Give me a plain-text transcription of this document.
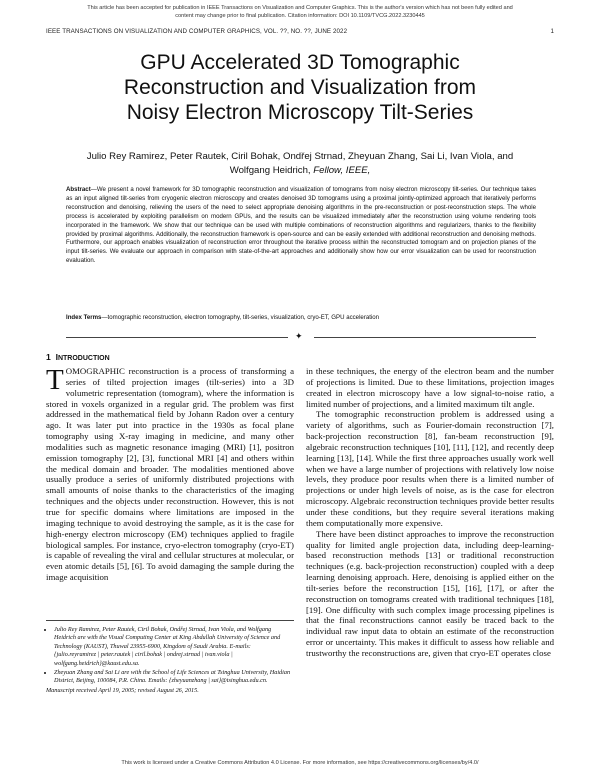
This article has been accepted for publication in IEEE Transactions on Visualization and Computer Graphics. This is the author's version which has not been fully edited and
content may change prior to final publication. Citation information: DOI 10.1109/TVCG.2022.3230445
IEEE TRANSACTIONS ON VISUALIZATION AND COMPUTER GRAPHICS, VOL. ??, NO. ??, JUNE 2022	1
GPU Accelerated 3D Tomographic
Reconstruction and Visualization from
Noisy Electron Microscopy Tilt-Series
Julio Rey Ramirez, Peter Rautek, Ciril Bohak, Ondřej Strnad, Zheyuan Zhang, Sai Li, Ivan Viola, and
Wolfgang Heidrich, Fellow, IEEE,
Abstract—We present a novel framework for 3D tomographic reconstruction and visualization of tomograms from noisy electron microscopy tilt-series. Our technique takes as an input aligned tilt-series from cryogenic electron microscopy and creates denoised 3D tomograms using a proximal jointly-optimized approach that iteratively performs reconstruction and denoising, relieving the users of the need to select appropriate denoising algorithms in the pre-reconstruction or post-reconstruction steps. The whole process is accelerated by exploiting parallelism on modern GPUs, and the results can be visualized immediately after the reconstruction using volume rendering tools incorporated in the framework. We show that our technique can be used with multiple combinations of reconstruction algorithms and regularizers, thanks to the flexibility provided by proximal algorithms. Additionally, the reconstruction framework is open-source and can be easily extended with additional reconstruction and denoising methods. Furthermore, our approach enables visualization of reconstruction error throughout the iterative process within the reconstructed tomogram and on projection planes of the input tilt-series. We evaluate our approach in comparison with state-of-the-art approaches and additionally show how our error visualization can be used for reconstruction evaluation.
Index Terms—tomographic reconstruction, electron tomography, tilt-series, visualization, cryo-ET, GPU acceleration
✦
1 INTRODUCTION

TOMOGRAPHIC reconstruction is a process of transforming a series of tilted projection images (tilt-series) into a 3D volumetric representation (tomogram), where the information is stored in voxels organized in a regular grid. The problem was first addressed in the mathematical field by Johann Radon over a century ago. It was later put into practice in the 1930s as focal plane tomography using X-ray imaging in medicine, and many other modalities such as magnetic resonance imaging (MRI) [1], positron emission tomography [2], [3], functional MRI [4] and others within the medical domain and broader. The modalities mentioned above usually produce a series of uniformly distributed projections with small amounts of noise thanks to the characteristics of the imaging techniques and the objects under reconstruction. However, this is not true for specific domains where limitations are imposed in the imaging technique to avoid destroying the sample, as it is the case for high-energy electron microscopy (EM) techniques applied to fragile biological samples. For instance, cryo-electron tomography (cryo-ET) is capable of revealing the viral and cellular structures at molecular, or even atomic details [5], [6]. To avoid damaging the sample during the image acquisition

• Julio Rey Ramirez, Peter Rautek, Ciril Bohak, Ondřej Strnad, Ivan Viola, and Wolfgang Heidrich are with the Visual Computing Center at King Abdullah University of Science and Technology (KAUST), Thuwal 23955-6900, Kingdom of Saudi Arabia. E-mails: {julio.reyramirez | peter.rautek | ciril.bohak | ondrej.strnad | ivan.viola | wolfgang.heidrich}@kaust.edu.sa.
• Zheyuan Zhang and Sai Li are with the School of Life Sciences at Tsinghua University, Haidian District, Beijing, 100084, P.R. China. Emails: {zheyuanzhang | sai}@tsinghua.edu.cn.
Manuscript received April 19, 2005; revised August 26, 2015.

in these techniques, the energy of the electron beam and the number of projections is limited. Due to these limitations, projection images created in electron microscopy have a low signal-to-noise ratio, a limited number of projections, and a limited maximum tilt angle.

The tomographic reconstruction problem is addressed using a variety of algorithms, such as Fourier-domain reconstruction [7], back-projection reconstruction [8], fan-beam reconstruction [9], algebraic reconstruction techniques [10], [11], [12], and recently deep learning [13], [14]. While the first three approaches usually work well when we have a large number of projections with relatively low noise levels, they produce poor results when there is a limited number of projections or under high levels of noise, as is the case for electron microscopy. Algebraic reconstruction techniques provide better results under these conditions, but they require several iterations making them computationally more expensive.

There have been distinct approaches to improve the reconstruction quality for limited angle projection data, including deep-learning-based reconstruction methods [13] or traditional reconstruction techniques (e.g. back-projection reconstruction) coupled with a deep learning denoising approach. Here, denoising is applied either on the tilt-series before the reconstruction [15], [16], [17], or after the reconstruction on tomograms created with traditional techniques [18], [19]. One difficulty with such complex image processing pipelines is that the final reconstructions cannot easily be traced back to the individual raw input data to obtain an estimate of the reconstruction error or uncertainty. This makes it difficult to assess how reliable and trustworthy the reconstructions are, given that cryo-ET operates close

This work is licensed under a Creative Commons Attribution 4.0 License. For more information, see https://creativecommons.org/licenses/by/4.0/
